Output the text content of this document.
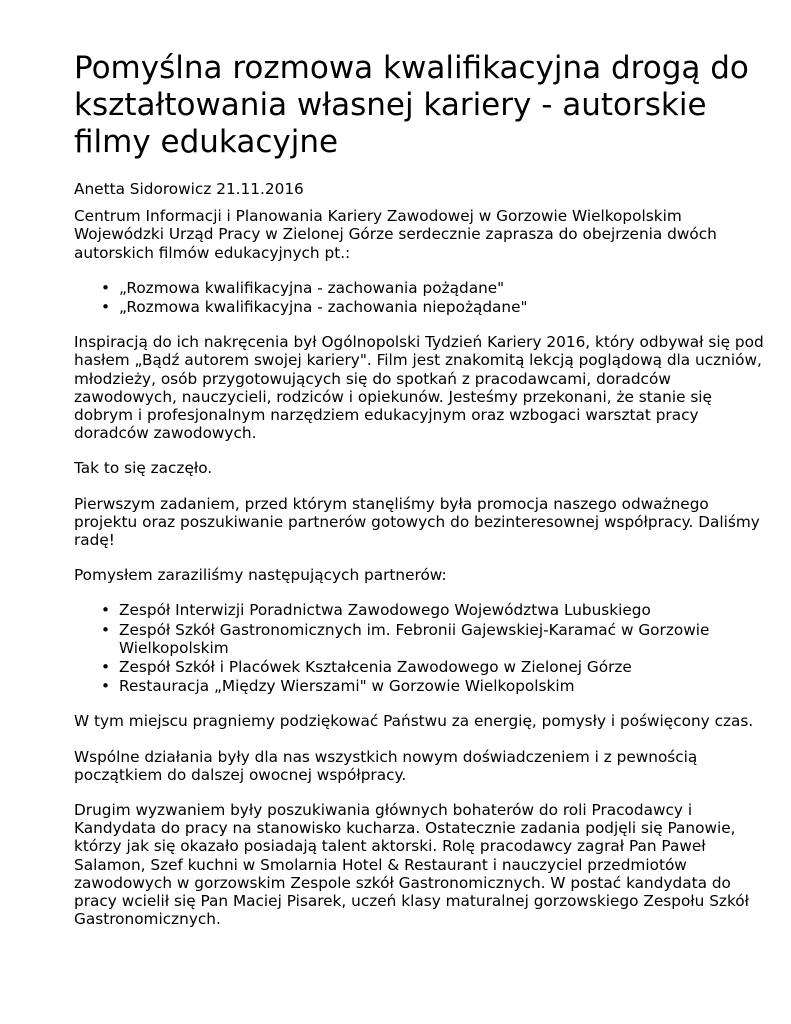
Pomyślna rozmowa kwalifikacyjna drogą do kształtowania własnej kariery - autorskie filmy edukacyjne

Anetta Sidorowicz 21.11.2016

Centrum Informacji i Planowania Kariery Zawodowej w Gorzowie Wielkopolskim Wojewódzki Urząd Pracy w Zielonej Górze serdecznie zaprasza do obejrzenia dwóch autorskich filmów edukacyjnych pt.:

• „Rozmowa kwalifikacyjna - zachowania pożądane"
• „Rozmowa kwalifikacyjna - zachowania niepożądane"

Inspiracją do ich nakręcenia był Ogólnopolski Tydzień Kariery 2016, który odbywał się pod hasłem „Bądź autorem swojej kariery". Film jest znakomitą lekcją poglądową dla uczniów, młodzieży, osób przygotowujących się do spotkań z pracodawcami, doradców zawodowych, nauczycieli, rodziców i opiekunów. Jesteśmy przekonani, że stanie się dobrym i profesjonalnym narzędziem edukacyjnym oraz wzbogaci warsztat pracy doradców zawodowych.

Tak to się zaczęło.

Pierwszym zadaniem, przed którym stanęliśmy była promocja naszego odważnego projektu oraz poszukiwanie partnerów gotowych do bezinteresownej współpracy. Daliśmy radę!

Pomysłem zaraziliśmy następujących partnerów:

• Zespół Interwizji Poradnictwa Zawodowego Województwa Lubuskiego
• Zespół Szkół Gastronomicznych im. Febronii Gajewskiej-Karamać w Gorzowie Wielkopolskim
• Zespół Szkół i Placówek Kształcenia Zawodowego w Zielonej Górze
• Restauracja „Między Wierszami" w Gorzowie Wielkopolskim

W tym miejscu pragniemy podziękować Państwu za energię, pomysły i poświęcony czas.

Wspólne działania były dla nas wszystkich nowym doświadczeniem i z pewnością początkiem do dalszej owocnej współpracy.

Drugim wyzwaniem były poszukiwania głównych bohaterów do roli Pracodawcy i Kandydata do pracy na stanowisko kucharza. Ostatecznie zadania podjęli się Panowie, którzy jak się okazało posiadają talent aktorski. Rolę pracodawcy zagrał Pan Paweł Salamon, Szef kuchni w Smolarnia Hotel & Restaurant i nauczyciel przedmiotów zawodowych w gorzowskim Zespole szkół Gastronomicznych. W postać kandydata do pracy wcielił się Pan Maciej Pisarek, uczeń klasy maturalnej gorzowskiego Zespołu Szkół Gastronomicznych.
